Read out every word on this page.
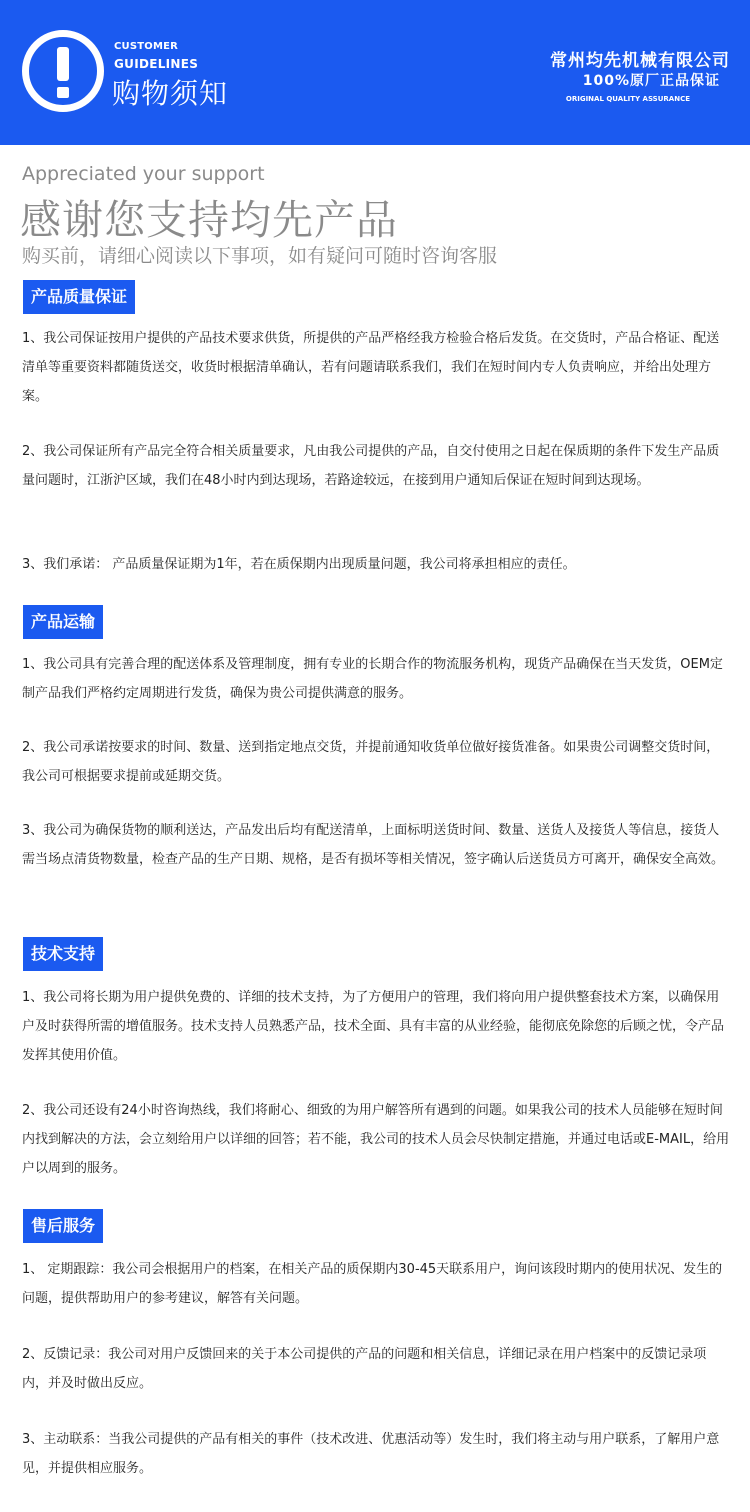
CUSTOMER
GUIDELINES
购物须知
常州均先机械有限公司
100%原厂正品保证
ORIGINAL QUALITY ASSURANCE
Appreciated your support
感谢您支持均先产品
购买前，请细心阅读以下事项，如有疑问可随时咨询客服
产品质量保证

1、我公司保证按用户提供的产品技术要求供货，所提供的产品严格经我方检验合格后发货。在交货时，产品合格证、配送清单等重要资料都随货送交，收货时根据清单确认，若有问题请联系我们，我们在短时间内专人负责响应，并给出处理方案。

2、我公司保证所有产品完全符合相关质量要求，凡由我公司提供的产品，自交付使用之日起在保质期的条件下发生产品质量问题时，江浙沪区域，我们在48小时内到达现场，若路途较远，在接到用户通知后保证在短时间到达现场。

3、我们承诺： 产品质量保证期为1年，若在质保期内出现质量问题，我公司将承担相应的责任。

产品运输

1、我公司具有完善合理的配送体系及管理制度，拥有专业的长期合作的物流服务机构，现货产品确保在当天发货，OEM定制产品我们严格约定周期进行发货，确保为贵公司提供满意的服务。

2、我公司承诺按要求的时间、数量、送到指定地点交货，并提前通知收货单位做好接货准备。如果贵公司调整交货时间，我公司可根据要求提前或延期交货。

3、我公司为确保货物的顺利送达，产品发出后均有配送清单，上面标明送货时间、数量、送货人及接货人等信息，接货人需当场点清货物数量，检查产品的生产日期、规格，是否有损坏等相关情况，签字确认后送货员方可离开，确保安全高效。

技术支持

1、我公司将长期为用户提供免费的、详细的技术支持，为了方便用户的管理，我们将向用户提供整套技术方案，以确保用户及时获得所需的增值服务。技术支持人员熟悉产品，技术全面、具有丰富的从业经验，能彻底免除您的后顾之忧，令产品发挥其使用价值。

2、我公司还设有24小时咨询热线，我们将耐心、细致的为用户解答所有遇到的问题。如果我公司的技术人员能够在短时间内找到解决的方法，会立刻给用户以详细的回答；若不能，我公司的技术人员会尽快制定措施，并通过电话或E-MAIL，给用户以周到的服务。

售后服务

1、 定期跟踪：我公司会根据用户的档案，在相关产品的质保期内30-45天联系用户，询问该段时期内的使用状况、发生的问题，提供帮助用户的参考建议，解答有关问题。

2、反馈记录：我公司对用户反馈回来的关于本公司提供的产品的问题和相关信息，详细记录在用户档案中的反馈记录项内，并及时做出反应。

3、主动联系：当我公司提供的产品有相关的事件（技术改进、优惠活动等）发生时，我们将主动与用户联系，了解用户意见，并提供相应服务。
